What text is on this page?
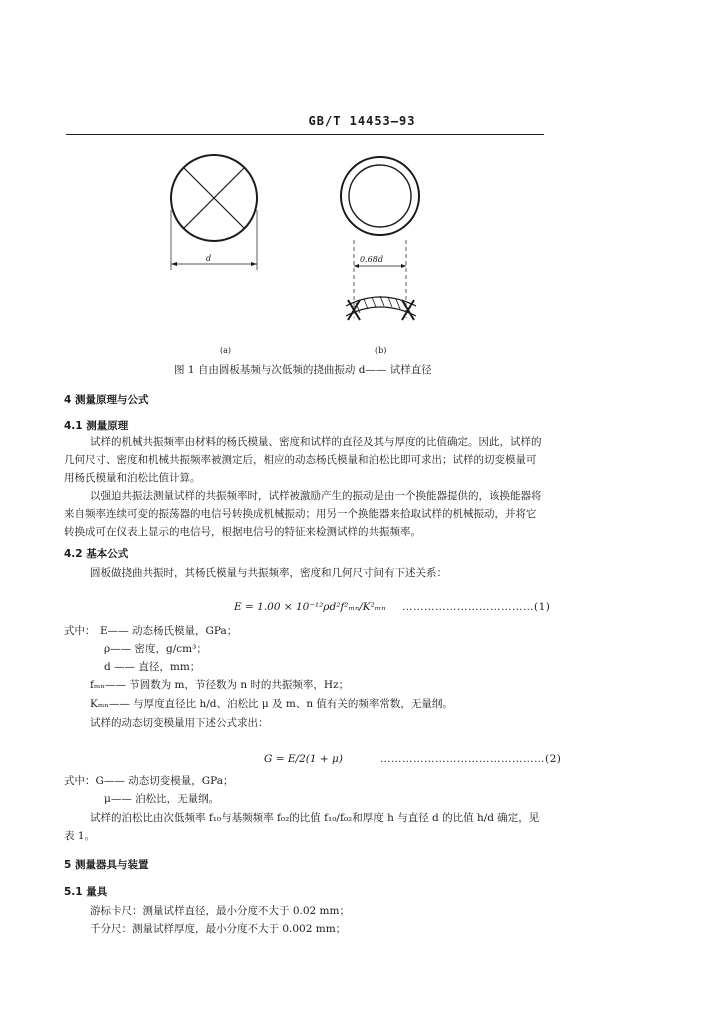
GB/T 14453—93
d	0.68d
(a)	(b)
图 1 自由圆板基频与次低频的挠曲振动 d—— 试样直径
4 测量原理与公式
4.1 测量原理
试样的机械共振频率由材料的杨氏模量、密度和试样的直径及其与厚度的比值确定。因此，试样的
几何尺寸、密度和机械共振频率被测定后，相应的动态杨氏模量和泊松比即可求出；试样的切变模量可
用杨氏模量和泊松比值计算。
以强迫共振法测量试样的共振频率时，试样被激励产生的振动是由一个换能器提供的，该换能器将
来自频率连续可变的振荡器的电信号转换成机械振动；用另一个换能器来拾取试样的机械振动，并将它
转换成可在仪表上显示的电信号，根据电信号的特征来检测试样的共振频率。
4.2 基本公式
圆板做挠曲共振时，其杨氏模量与共振频率，密度和几何尺寸间有下述关系：
E = 1.00 × 10⁻¹²ρd²f²ₘₙ/K²ₘₙ ………………………………(1)
式中： E—— 动态杨氏模量，GPa；
ρ—— 密度，g/cm³；
d —— 直径，mm；
fₘₙ—— 节圆数为 m，节径数为 n 时的共振频率，Hz；
Kₘₙ—— 与厚度直径比 h/d、泊松比 μ 及 m、n 值有关的频率常数，无量纲。
试样的动态切变模量用下述公式求出：
G = E/2(1 + μ)	………………………………………(2)
式中：G—— 动态切变模量，GPa；
μ—— 泊松比，无量纲。
试样的泊松比由次低频率 f₁₀与基频频率 f₀₂的比值 f₁₀/f₀₂和厚度 h 与直径 d 的比值 h/d 确定，见
表 1。
5 测量器具与装置
5.1 量具
游标卡尺：测量试样直径，最小分度不大于 0.02 mm；
千分尺：测量试样厚度，最小分度不大于 0.002 mm；
